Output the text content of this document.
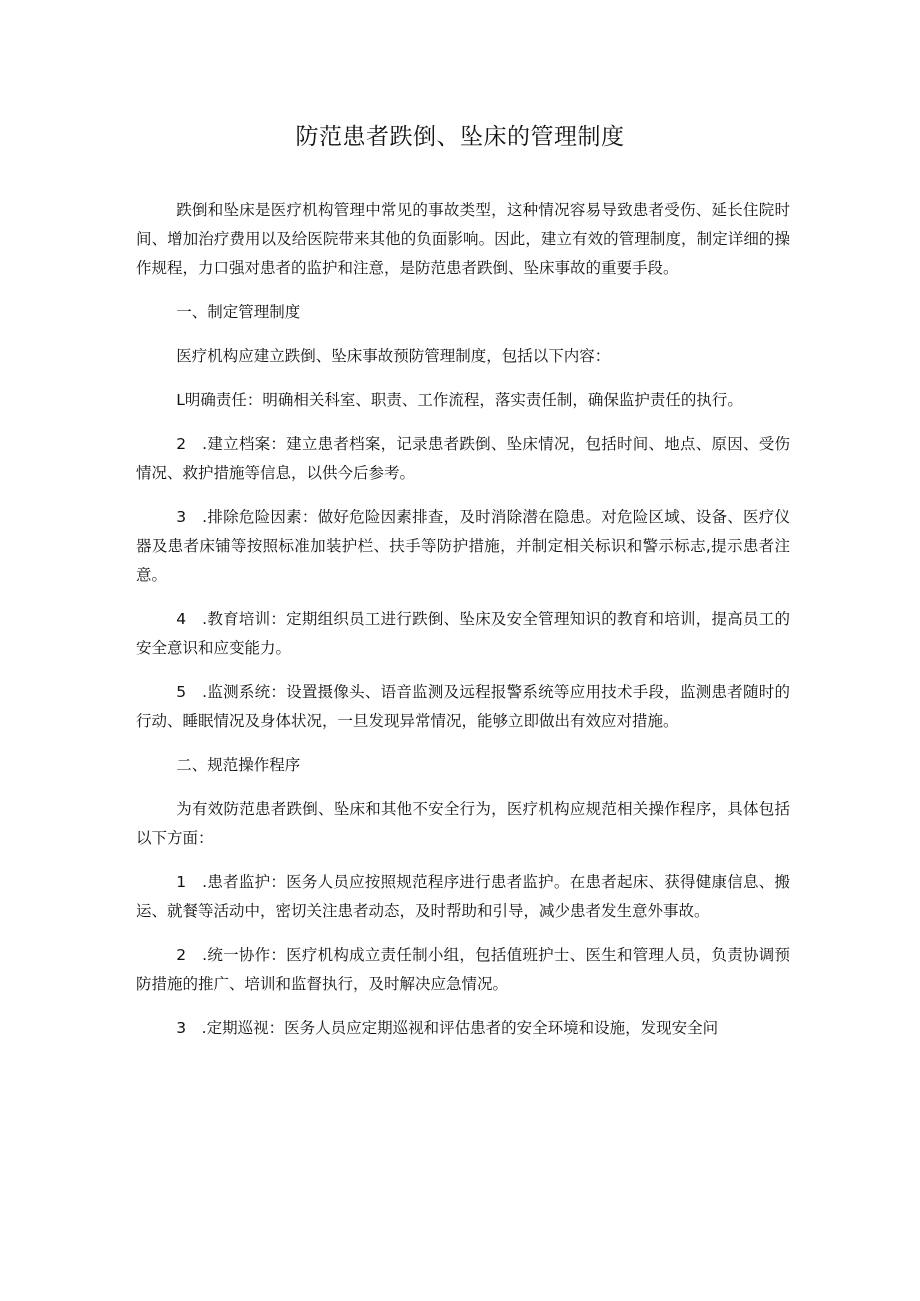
防范患者跌倒、坠床的管理制度

跌倒和坠床是医疗机构管理中常见的事故类型，这种情况容易导致患者受伤、延长住院时间、增加治疗费用以及给医院带来其他的负面影响。因此，建立有效的管理制度，制定详细的操作规程，力口强对患者的监护和注意，是防范患者跌倒、坠床事故的重要手段。

一、制定管理制度

医疗机构应建立跌倒、坠床事故预防管理制度，包括以下内容：

L明确责任：明确相关科室、职责、工作流程，落实责任制，确保监护责任的执行。

2　.建立档案：建立患者档案，记录患者跌倒、坠床情况，包括时间、地点、原因、受伤情况、救护措施等信息，以供今后参考。

3　.排除危险因素：做好危险因素排查，及时消除潜在隐患。对危险区域、设备、医疗仪器及患者床铺等按照标准加装护栏、扶手等防护措施，并制定相关标识和警示标志,提示患者注意。

4　.教育培训：定期组织员工进行跌倒、坠床及安全管理知识的教育和培训，提高员工的安全意识和应变能力。

5　.监测系统：设置摄像头、语音监测及远程报警系统等应用技术手段，监测患者随时的行动、睡眠情况及身体状况，一旦发现异常情况，能够立即做出有效应对措施。

二、规范操作程序

为有效防范患者跌倒、坠床和其他不安全行为，医疗机构应规范相关操作程序，具体包括以下方面：

1　.患者监护：医务人员应按照规范程序进行患者监护。在患者起床、获得健康信息、搬运、就餐等活动中，密切关注患者动态，及时帮助和引导，减少患者发生意外事故。

2　.统一协作：医疗机构成立责任制小组，包括值班护士、医生和管理人员，负责协调预防措施的推广、培训和监督执行，及时解决应急情况。

3　.定期巡视：医务人员应定期巡视和评估患者的安全环境和设施，发现安全问
